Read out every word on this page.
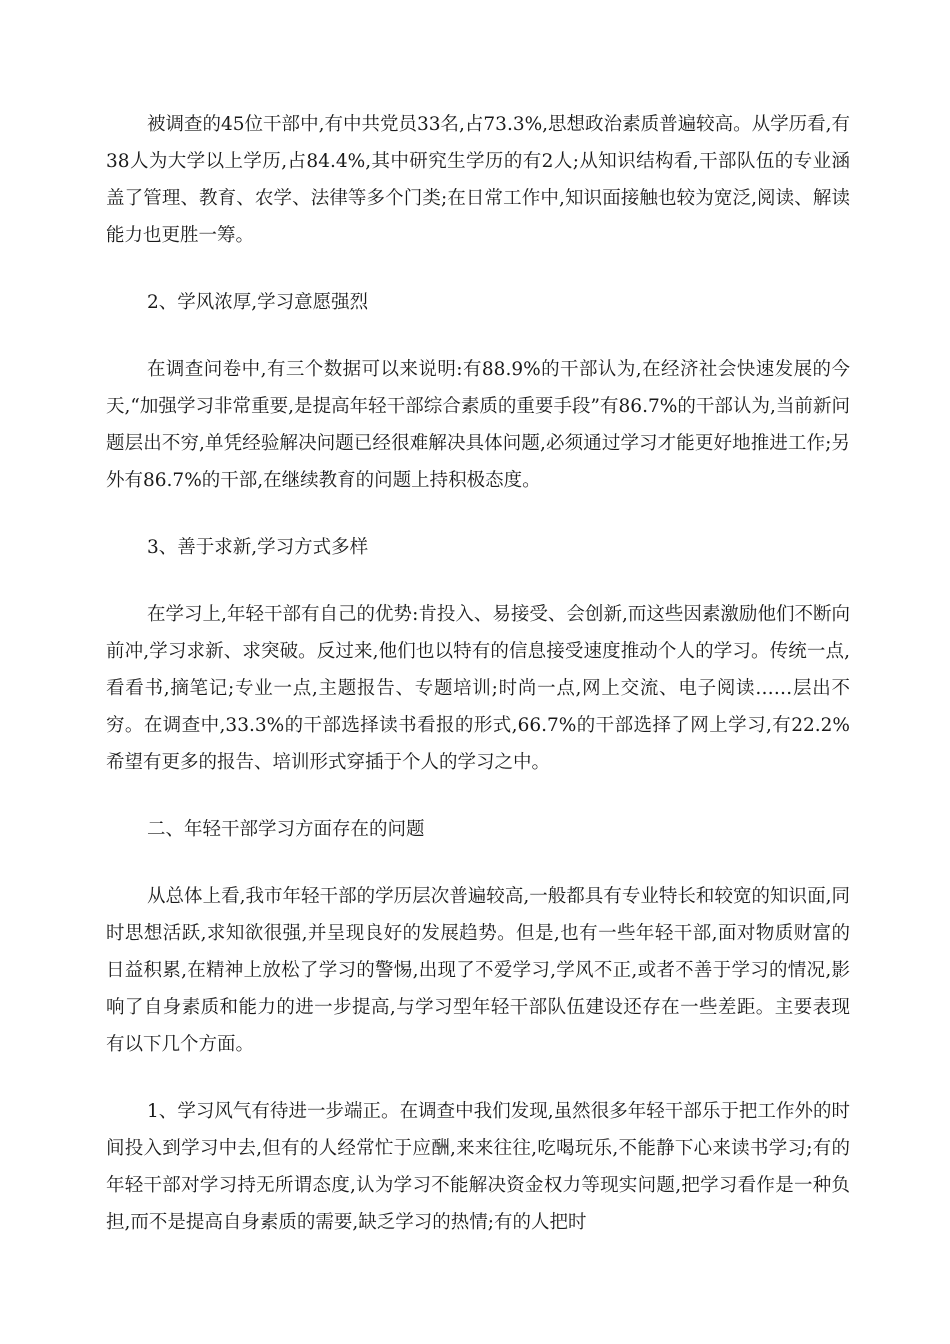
被调查的45位干部中,有中共党员33名,占73.3%,思想政治素质普遍较高。从学历看,有38人为大学以上学历,占84.4%,其中研究生学历的有2人;从知识结构看,干部队伍的专业涵盖了管理、教育、农学、法律等多个门类;在日常工作中,知识面接触也较为宽泛,阅读、解读能力也更胜一筹。

2、学风浓厚,学习意愿强烈

在调查问卷中,有三个数据可以来说明:有88.9%的干部认为,在经济社会快速发展的今天,“加强学习非常重要,是提高年轻干部综合素质的重要手段”有86.7%的干部认为,当前新问题层出不穷,单凭经验解决问题已经很难解决具体问题,必须通过学习才能更好地推进工作;另外有86.7%的干部,在继续教育的问题上持积极态度。

3、善于求新,学习方式多样

在学习上,年轻干部有自己的优势:肯投入、易接受、会创新,而这些因素激励他们不断向前冲,学习求新、求突破。反过来,他们也以特有的信息接受速度推动个人的学习。传统一点,看看书,摘笔记;专业一点,主题报告、专题培训;时尚一点,网上交流、电子阅读……层出不穷。在调查中,33.3%的干部选择读书看报的形式,66.7%的干部选择了网上学习,有22.2%希望有更多的报告、培训形式穿插于个人的学习之中。

二、年轻干部学习方面存在的问题

从总体上看,我市年轻干部的学历层次普遍较高,一般都具有专业特长和较宽的知识面,同时思想活跃,求知欲很强,并呈现良好的发展趋势。但是,也有一些年轻干部,面对物质财富的日益积累,在精神上放松了学习的警惕,出现了不爱学习,学风不正,或者不善于学习的情况,影响了自身素质和能力的进一步提高,与学习型年轻干部队伍建设还存在一些差距。主要表现有以下几个方面。

1、学习风气有待进一步端正。在调查中我们发现,虽然很多年轻干部乐于把工作外的时间投入到学习中去,但有的人经常忙于应酬,来来往往,吃喝玩乐,不能静下心来读书学习;有的年轻干部对学习持无所谓态度,认为学习不能解决资金权力等现实问题,把学习看作是一种负担,而不是提高自身素质的需要,缺乏学习的热情;有的人把时
